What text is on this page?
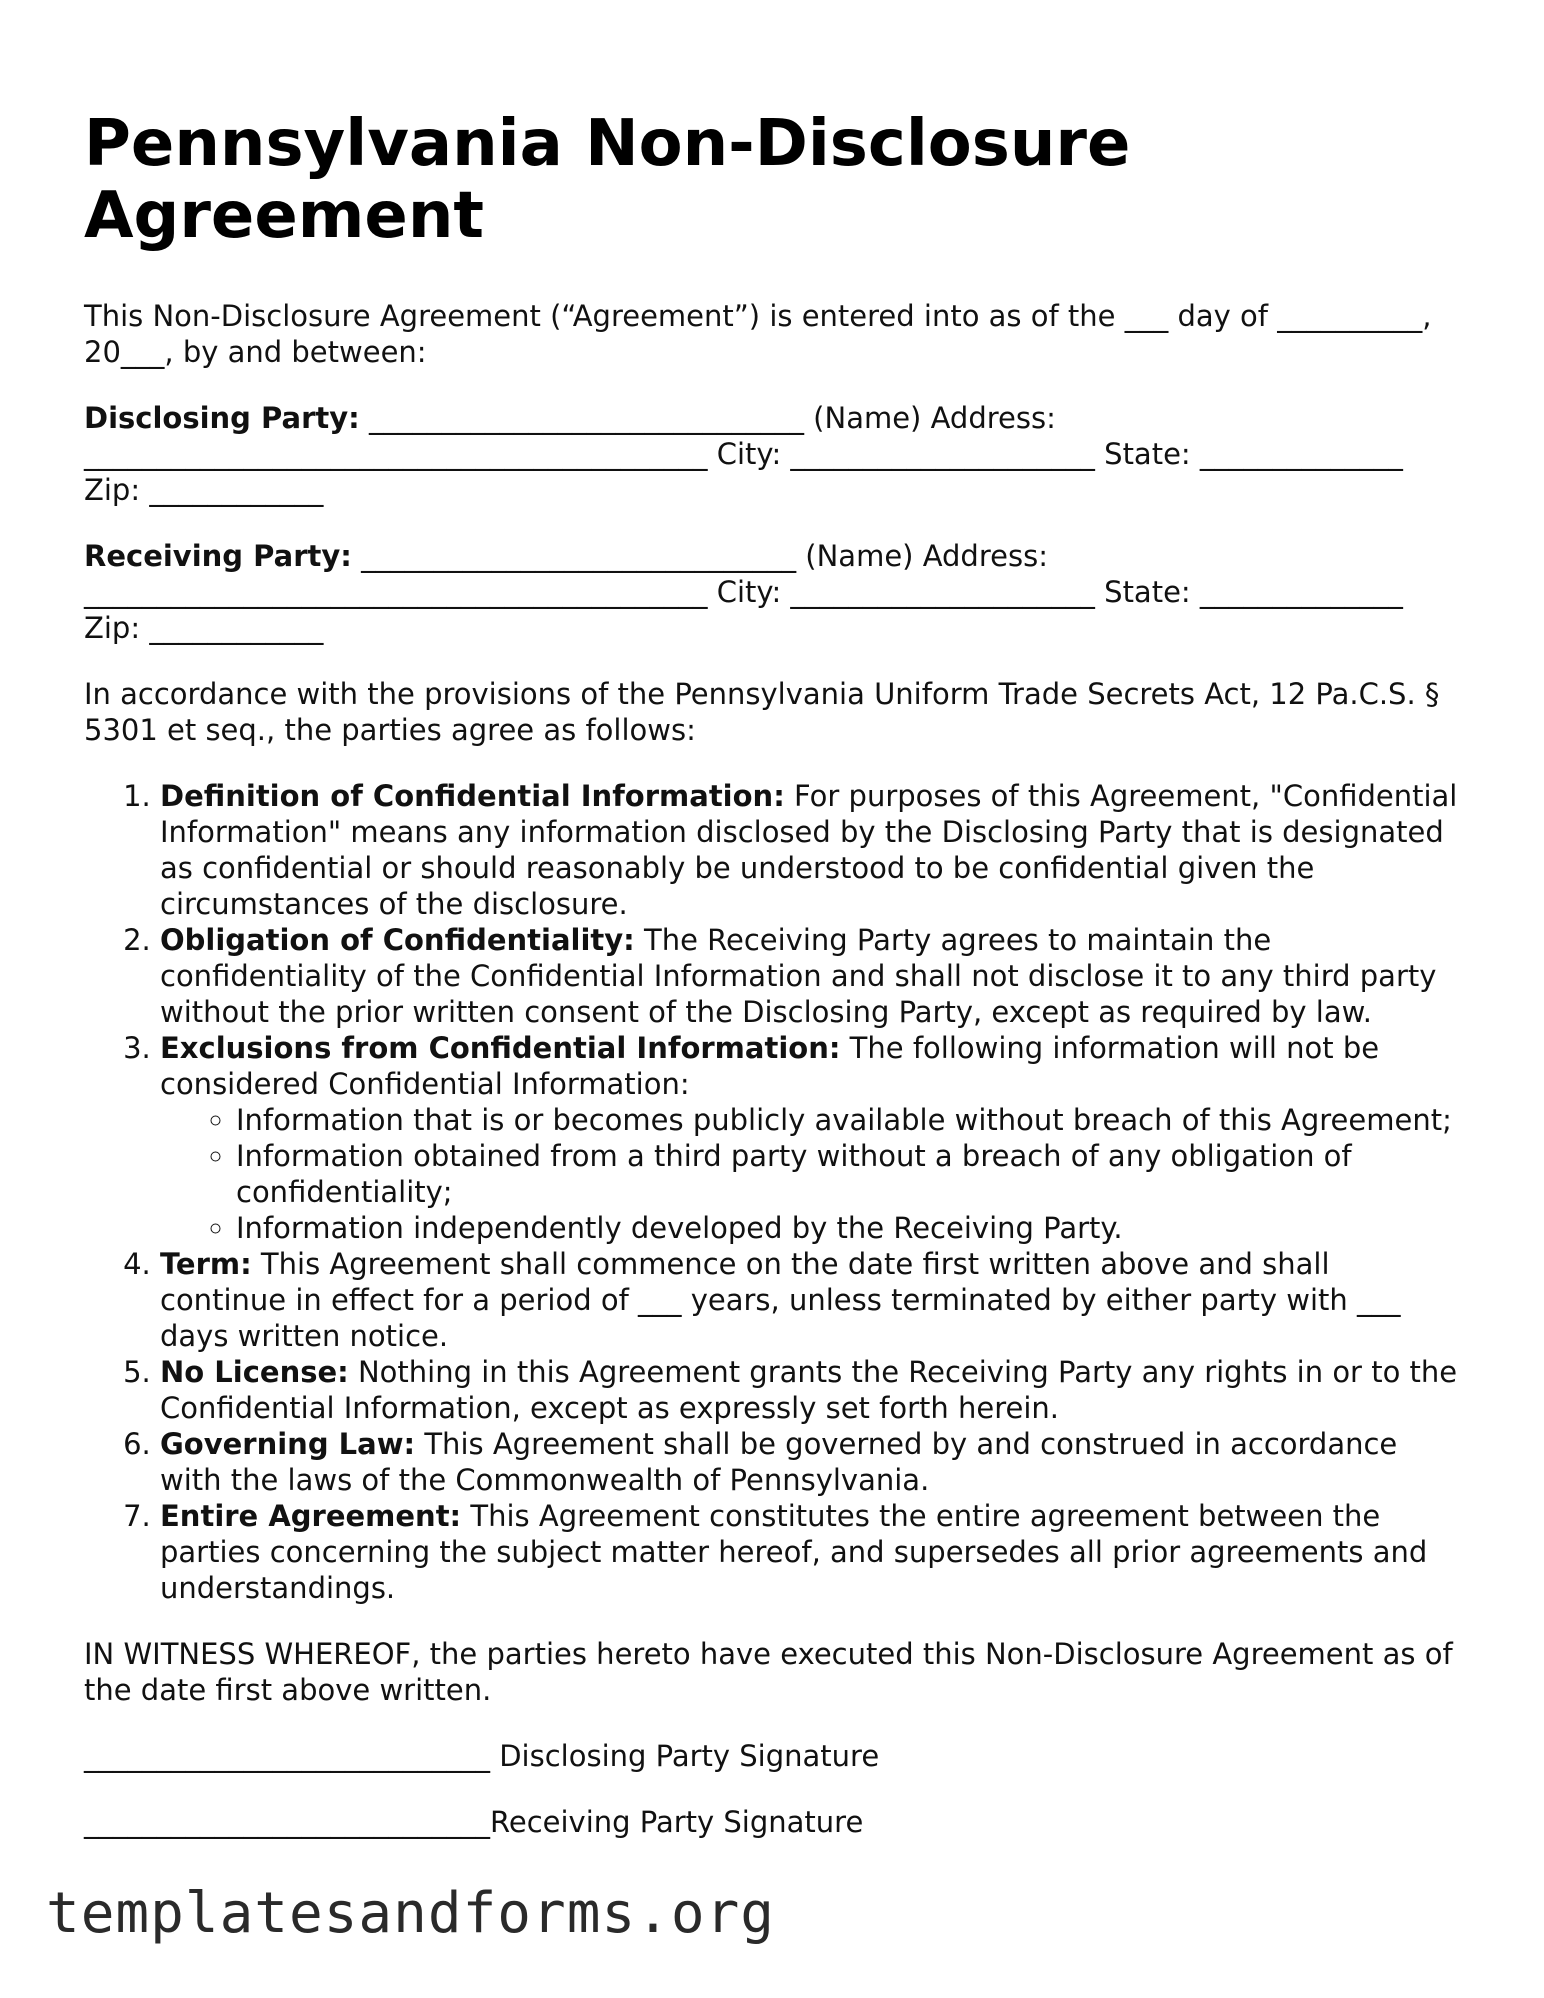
Pennsylvania Non-Disclosure Agreement

This Non-Disclosure Agreement (“Agreement”) is entered into as of the ___ day of __________, 20___, by and between:

Disclosing Party: ______________________________ (Name) Address: ___________________________________________ City: _____________________ State: ______________ Zip: ____________

Receiving Party: ______________________________ (Name) Address: ___________________________________________ City: _____________________ State: ______________ Zip: ____________

In accordance with the provisions of the Pennsylvania Uniform Trade Secrets Act, 12 Pa.C.S. § 5301 et seq., the parties agree as follows:

1. Definition of Confidential Information: For purposes of this Agreement, "Confidential Information" means any information disclosed by the Disclosing Party that is designated as confidential or should reasonably be understood to be confidential given the circumstances of the disclosure.
2. Obligation of Confidentiality: The Receiving Party agrees to maintain the confidentiality of the Confidential Information and shall not disclose it to any third party without the prior written consent of the Disclosing Party, except as required by law.
3. Exclusions from Confidential Information: The following information will not be considered Confidential Information:
◦ Information that is or becomes publicly available without breach of this Agreement;
◦ Information obtained from a third party without a breach of any obligation of confidentiality;
◦ Information independently developed by the Receiving Party.
4. Term: This Agreement shall commence on the date first written above and shall continue in effect for a period of ___ years, unless terminated by either party with ___ days written notice.
5. No License: Nothing in this Agreement grants the Receiving Party any rights in or to the Confidential Information, except as expressly set forth herein.
6. Governing Law: This Agreement shall be governed by and construed in accordance with the laws of the Commonwealth of Pennsylvania.
7. Entire Agreement: This Agreement constitutes the entire agreement between the parties concerning the subject matter hereof, and supersedes all prior agreements and understandings.

IN WITNESS WHEREOF, the parties hereto have executed this Non-Disclosure Agreement as of the date first above written.

____________________________ Disclosing Party Signature
____________________________Receiving Party Signature
templatesandforms.org
